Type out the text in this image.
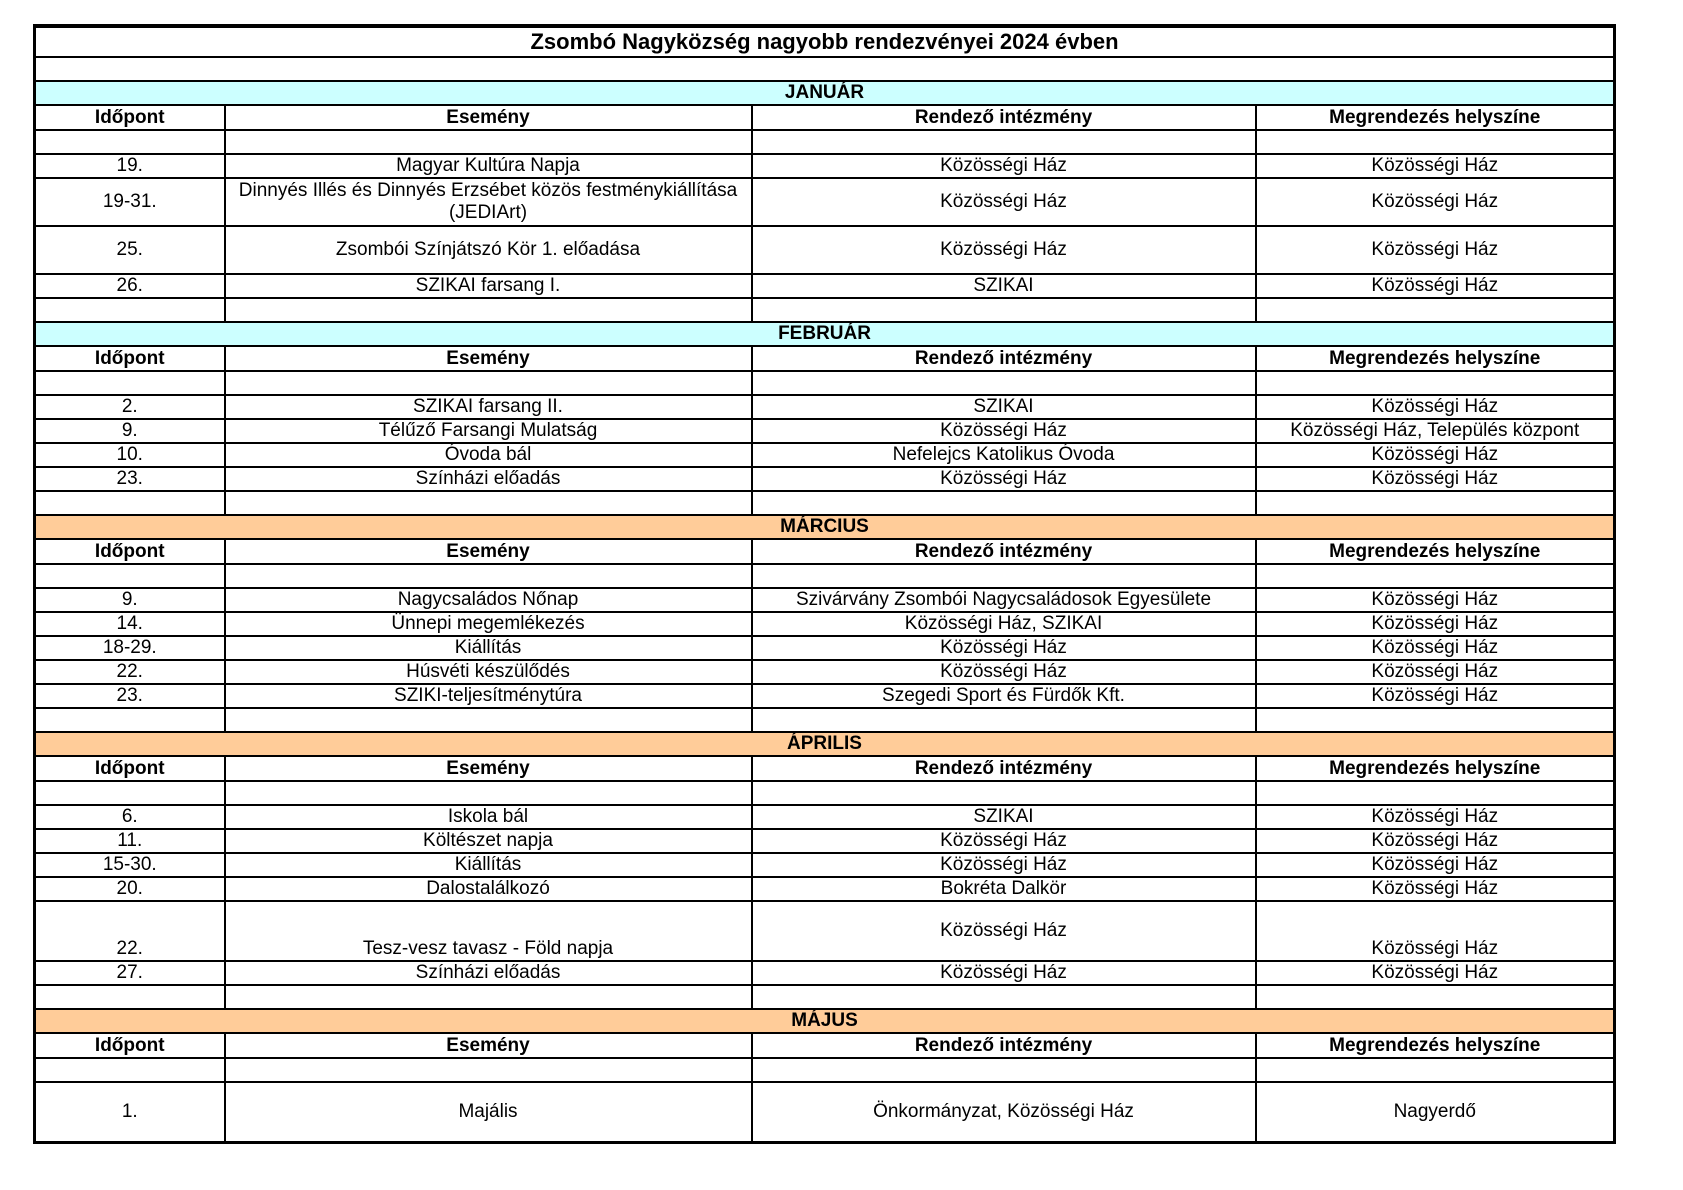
Zsombó Nagyközség nagyobb rendezvényei 2024 évben			

JANUÁR			
Időpont	Esemény	Rendező intézmény	Megrendezés helyszíne

19.	Magyar Kultúra Napja	Közösségi Ház	Közösségi Ház
19-31.	Dinnyés Illés és Dinnyés Erzsébet közös festménykiállítása (JEDIArt)	Közösségi Ház	Közösségi Ház
25.	Zsombói Színjátszó Kör 1. előadása	Közösségi Ház	Közösségi Ház
26.	SZIKAI farsang I.	SZIKAI	Közösségi Ház

FEBRUÁR			
Időpont	Esemény	Rendező intézmény	Megrendezés helyszíne

2.	SZIKAI farsang II.	SZIKAI	Közösségi Ház
9.	Télűző Farsangi Mulatság	Közösségi Ház	Közösségi Ház, Település központ
10.	Óvoda bál	Nefelejcs Katolikus Óvoda	Közösségi Ház
23.	Színházi előadás	Közösségi Ház	Közösségi Ház

MÁRCIUS			
Időpont	Esemény	Rendező intézmény	Megrendezés helyszíne

9.	Nagycsaládos Nőnap	Szivárvány Zsombói Nagycsaládosok Egyesülete	Közösségi Ház
14.	Ünnepi megemlékezés	Közösségi Ház, SZIKAI	Közösségi Ház
18-29.	Kiállítás	Közösségi Ház	Közösségi Ház
22.	Húsvéti készülődés	Közösségi Ház	Közösségi Ház
23.	SZIKI-teljesítménytúra	Szegedi Sport és Fürdők Kft.	Közösségi Ház

ÁPRILIS			
Időpont	Esemény	Rendező intézmény	Megrendezés helyszíne

6.	Iskola bál	SZIKAI	Közösségi Ház
11.	Költészet napja	Közösségi Ház	Közösségi Ház
15-30.	Kiállítás	Közösségi Ház	Közösségi Ház
20.	Dalostalálkozó	Bokréta Dalkör	Közösségi Ház
22.	Tesz-vesz tavasz - Föld napja	Közösségi Ház	Közösségi Ház
27.	Színházi előadás	Közösségi Ház	Közösségi Ház

MÁJUS			
Időpont	Esemény	Rendező intézmény	Megrendezés helyszíne

1.	Majális	Önkormányzat, Közösségi Ház	Nagyerdő
